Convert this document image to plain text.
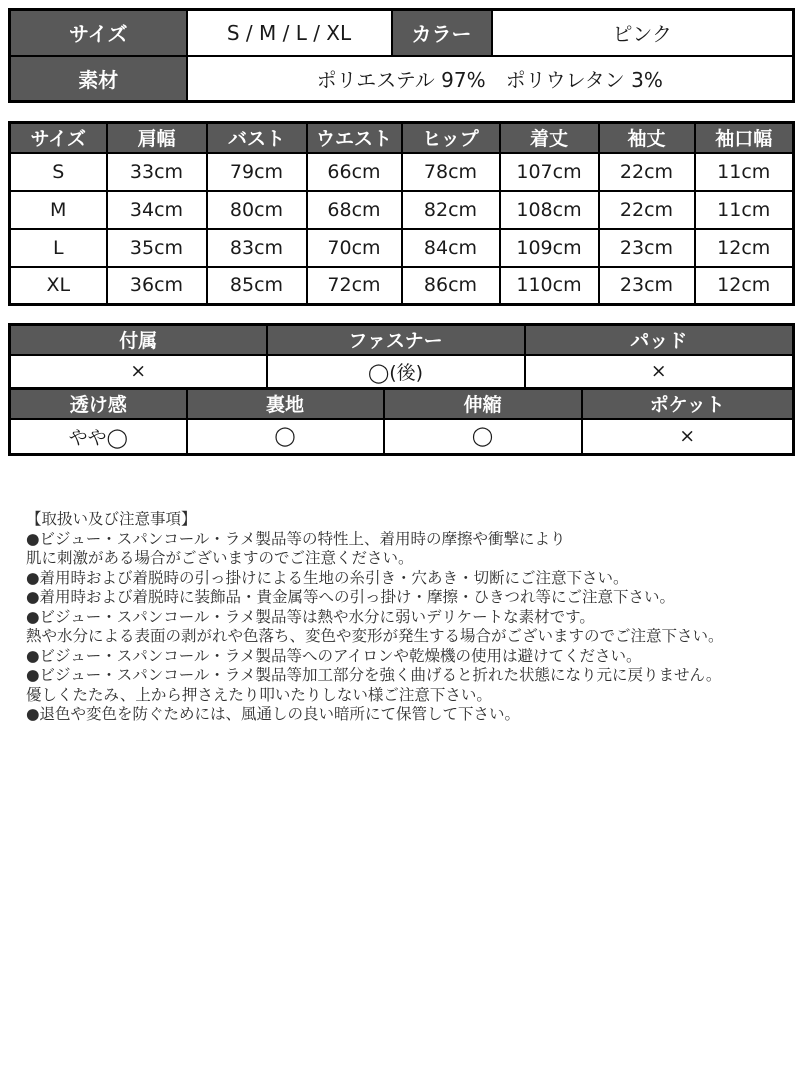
サイズ	S / M / L / XL	カラー	ピンク
素材	ポリエステル 97%　ポリウレタン 3%		
サイズ	肩幅	バスト	ウエスト	ヒップ	着丈	袖丈	袖口幅
S	33cm	79cm	66cm	78cm	107cm	22cm	11cm
M	34cm	80cm	68cm	82cm	108cm	22cm	11cm
L	35cm	83cm	70cm	84cm	109cm	23cm	12cm
XL	36cm	85cm	72cm	86cm	110cm	23cm	12cm
付属	ファスナー	パッド
×	◯(後)	×
透け感	裏地	伸縮	ポケット
やや◯	◯	◯	×
【取扱い及び注意事項】
●ビジュー・スパンコール・ラメ製品等の特性上、着用時の摩擦や衝撃により
肌に刺激がある場合がございますのでご注意ください。
●着用時および着脱時の引っ掛けによる生地の糸引き・穴あき・切断にご注意下さい。
●着用時および着脱時に装飾品・貴金属等への引っ掛け・摩擦・ひきつれ等にご注意下さい。
●ビジュー・スパンコール・ラメ製品等は熱や水分に弱いデリケートな素材です。
熱や水分による表面の剥がれや色落ち、変色や変形が発生する場合がございますのでご注意下さい。
●ビジュー・スパンコール・ラメ製品等へのアイロンや乾燥機の使用は避けてください。
●ビジュー・スパンコール・ラメ製品等加工部分を強く曲げると折れた状態になり元に戻りません。
優しくたたみ、上から押さえたり叩いたりしない様ご注意下さい。
●退色や変色を防ぐためには、風通しの良い暗所にて保管して下さい。
